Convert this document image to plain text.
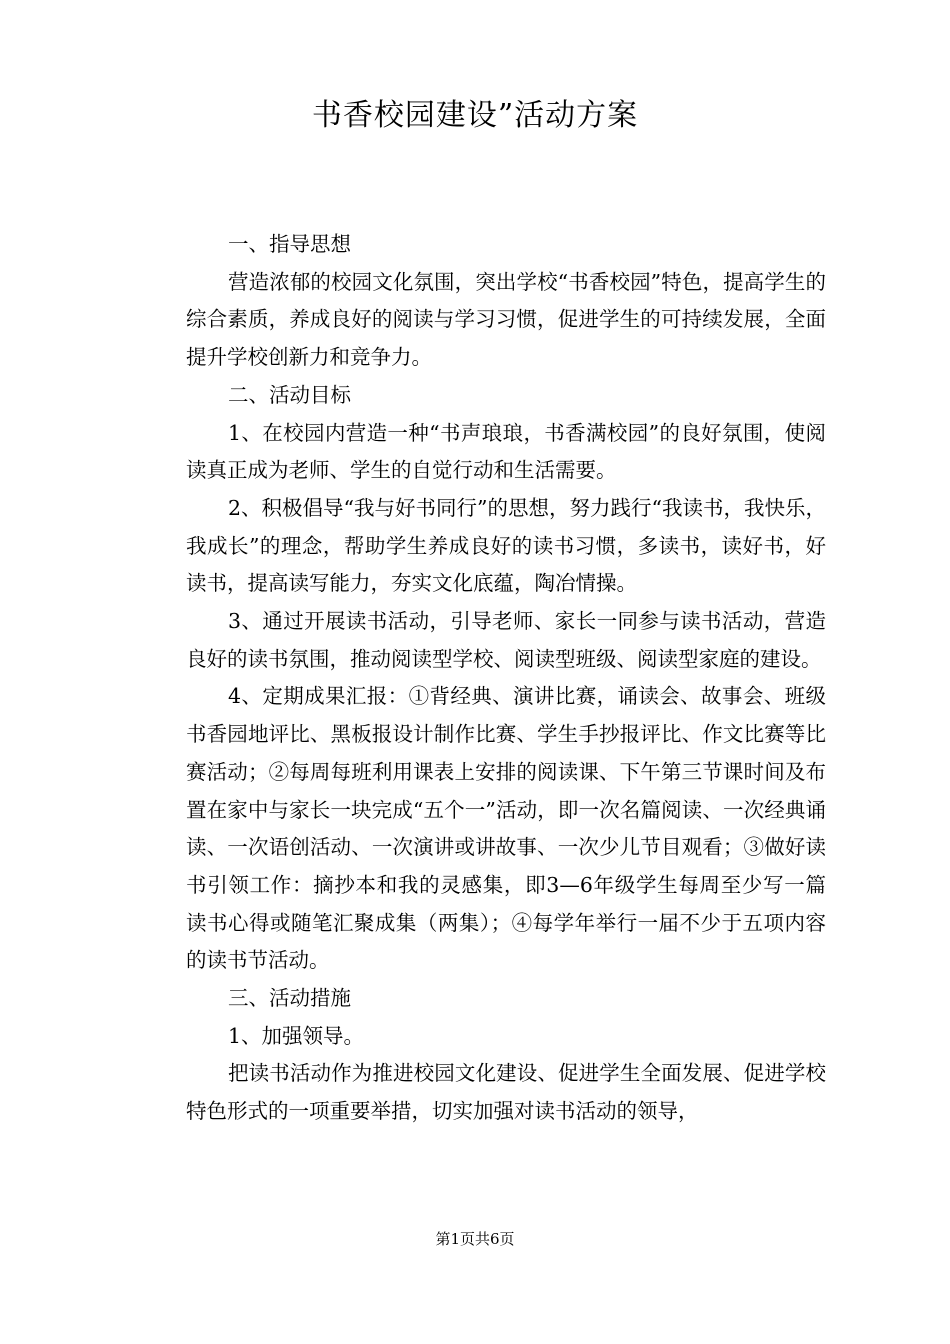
书香校园建设”活动方案

一、指导思想

营造浓郁的校园文化氛围，突出学校“书香校园”特色，提高学生的综合素质，养成良好的阅读与学习习惯，促进学生的可持续发展，全面提升学校创新力和竞争力。

二、活动目标

1、在校园内营造一种“书声琅琅，书香满校园”的良好氛围，使阅读真正成为老师、学生的自觉行动和生活需要。

2、积极倡导“我与好书同行”的思想，努力践行“我读书，我快乐，我成长”的理念，帮助学生养成良好的读书习惯，多读书，读好书，好读书，提高读写能力，夯实文化底蕴，陶冶情操。

3、通过开展读书活动，引导老师、家长一同参与读书活动，营造良好的读书氛围，推动阅读型学校、阅读型班级、阅读型家庭的建设。

4、定期成果汇报：①背经典、演讲比赛，诵读会、故事会、班级书香园地评比、黑板报设计制作比赛、学生手抄报评比、作文比赛等比赛活动；②每周每班利用课表上安排的阅读课、下午第三节课时间及布置在家中与家长一块完成“五个一”活动，即一次名篇阅读、一次经典诵读、一次语创活动、一次演讲或讲故事、一次少儿节目观看；③做好读书引领工作：摘抄本和我的灵感集，即3—6年级学生每周至少写一篇读书心得或随笔汇聚成集（两集）；④每学年举行一届不少于五项内容的读书节活动。

三、活动措施

1、加强领导。

把读书活动作为推进校园文化建设、促进学生全面发展、促进学校特色形式的一项重要举措，切实加强对读书活动的领导，

第1页共6页
